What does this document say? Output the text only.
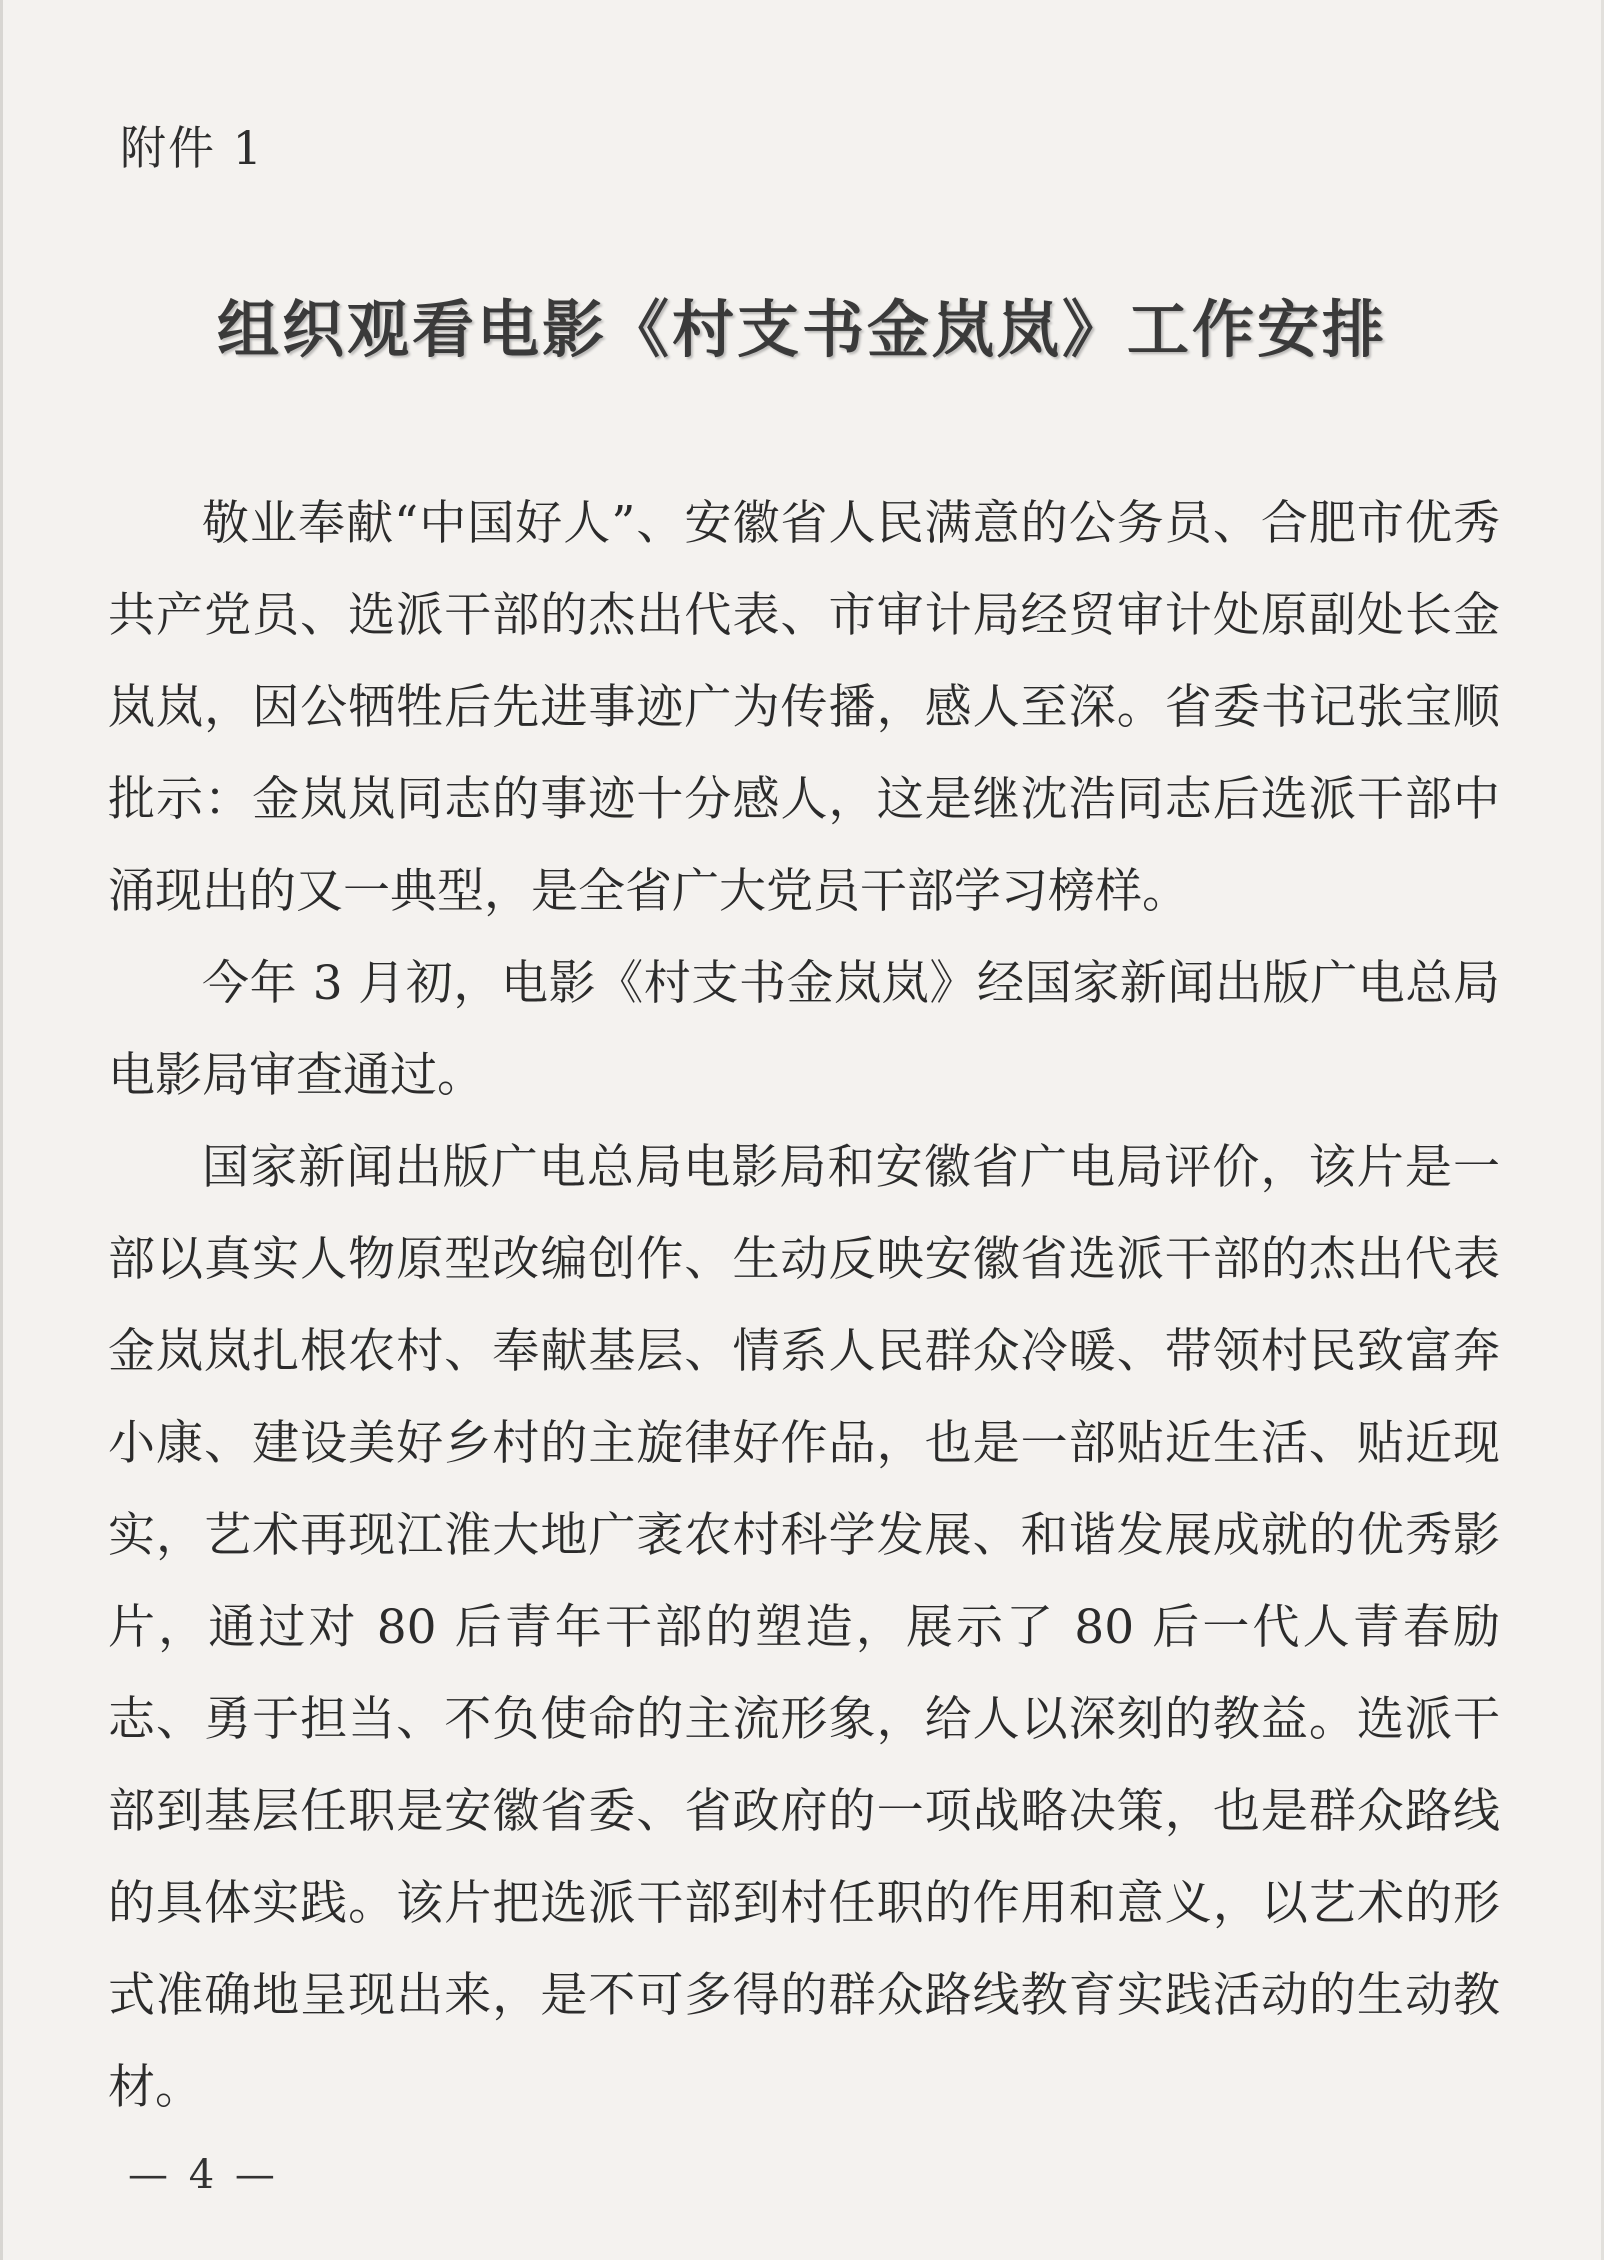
附件 1
组织观看电影《村支书金岚岚》工作安排

敬业奉献“中国好人”、安徽省人民满意的公务员、合肥市优秀共产党员、选派干部的杰出代表、市审计局经贸审计处原副处长金岚岚，因公牺牲后先进事迹广为传播，感人至深。省委书记张宝顺批示：金岚岚同志的事迹十分感人，这是继沈浩同志后选派干部中涌现出的又一典型，是全省广大党员干部学习榜样。

今年 3 月初，电影《村支书金岚岚》经国家新闻出版广电总局电影局审查通过。

国家新闻出版广电总局电影局和安徽省广电局评价，该片是一部以真实人物原型改编创作、生动反映安徽省选派干部的杰出代表金岚岚扎根农村、奉献基层、情系人民群众冷暖、带领村民致富奔小康、建设美好乡村的主旋律好作品，也是一部贴近生活、贴近现实，艺术再现江淮大地广袤农村科学发展、和谐发展成就的优秀影片，通过对 80 后青年干部的塑造，展示了 80 后一代人青春励志、勇于担当、不负使命的主流形象，给人以深刻的教益。选派干部到基层任职是安徽省委、省政府的一项战略决策，也是群众路线的具体实践。该片把选派干部到村任职的作用和意义，以艺术的形式准确地呈现出来，是不可多得的群众路线教育实践活动的生动教材。

— 4 —
